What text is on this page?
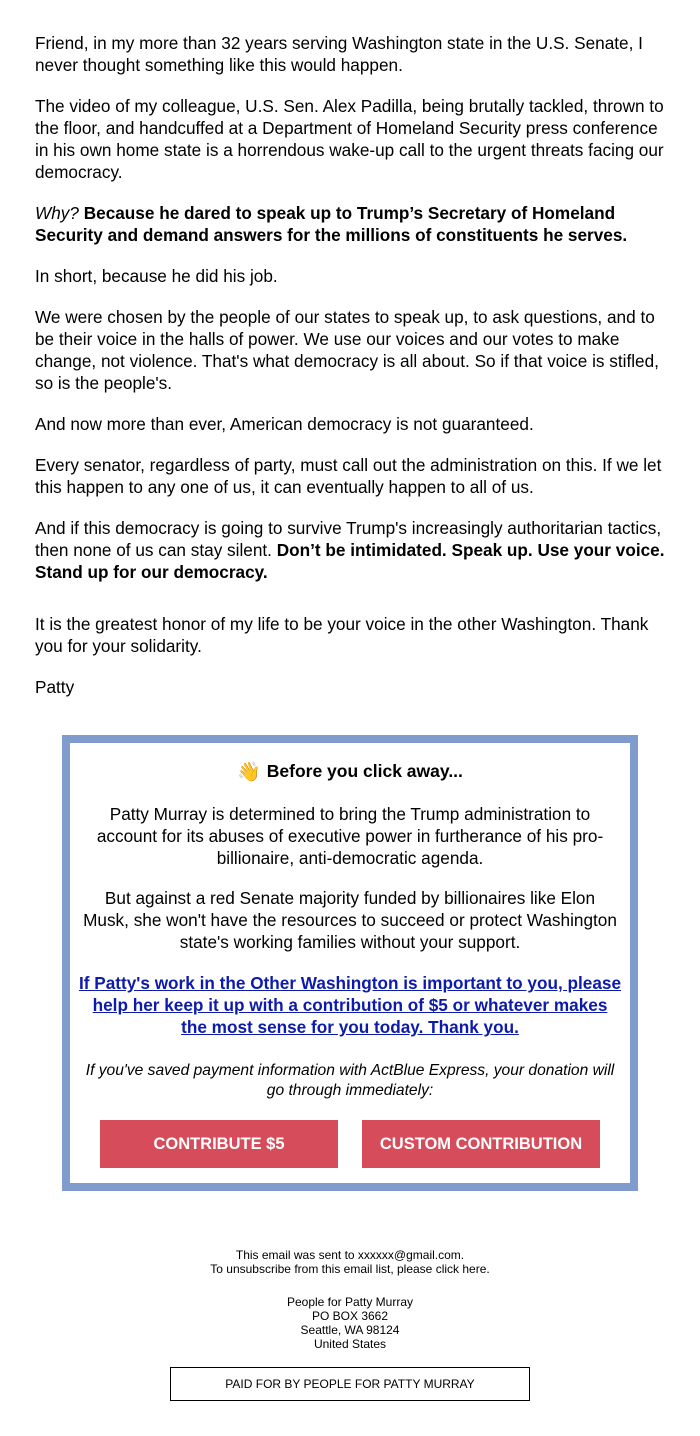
Friend, in my more than 32 years serving Washington state in the U.S. Senate, I never thought something like this would happen.

The video of my colleague, U.S. Sen. Alex Padilla, being brutally tackled, thrown to the floor, and handcuffed at a Department of Homeland Security press conference in his own home state is a horrendous wake-up call to the urgent threats facing our democracy.

Why? Because he dared to speak up to Trump’s Secretary of Homeland Security and demand answers for the millions of constituents he serves.

In short, because he did his job.

We were chosen by the people of our states to speak up, to ask questions, and to be their voice in the halls of power. We use our voices and our votes to make change, not violence. That's what democracy is all about. So if that voice is stifled, so is the people's.

And now more than ever, American democracy is not guaranteed.

Every senator, regardless of party, must call out the administration on this. If we let this happen to any one of us, it can eventually happen to all of us.

And if this democracy is going to survive Trump's increasingly authoritarian tactics, then none of us can stay silent. Don’t be intimidated. Speak up. Use your voice. Stand up for our democracy.

It is the greatest honor of my life to be your voice in the other Washington. Thank you for your solidarity.

Patty

👋 Before you click away...
Patty Murray is determined to bring the Trump administration to account for its abuses of executive power in furtherance of his pro-billionaire, anti-democratic agenda.
But against a red Senate majority funded by billionaires like Elon Musk, she won't have the resources to succeed or protect Washington state's working families without your support.
If Patty's work in the Other Washington is important to you, please help her keep it up with a contribution of $5 or whatever makes the most sense for you today. Thank you.
If you've saved payment information with ActBlue Express, your donation will go through immediately:
CONTRIBUTE $5	CUSTOM CONTRIBUTION
This email was sent to xxxxxx@gmail.com.
To unsubscribe from this email list, please click here.
People for Patty Murray
PO BOX 3662
Seattle, WA 98124
United States
PAID FOR BY PEOPLE FOR PATTY MURRAY
